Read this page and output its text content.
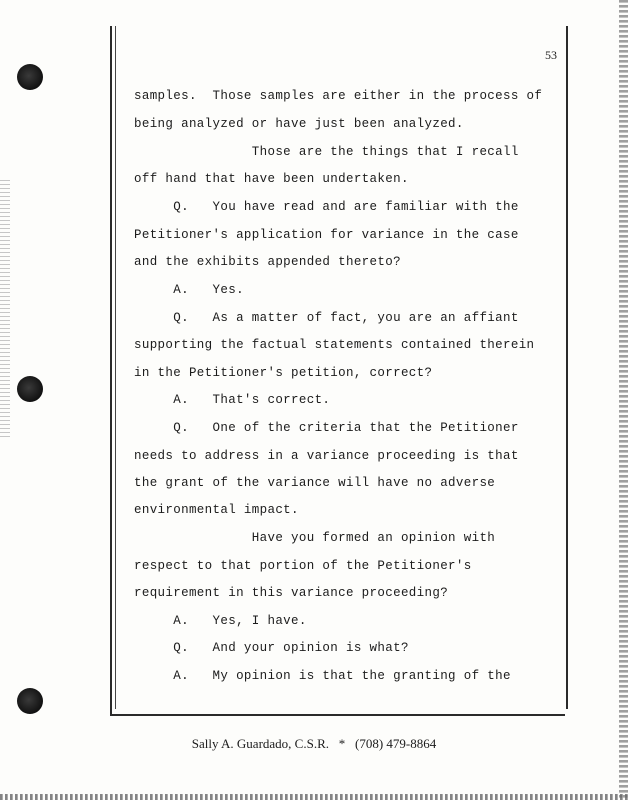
53
samples.  Those samples are either in the process of
being analyzed or have just been analyzed.
Those are the things that I recall
off hand that have been undertaken.
Q.   You have read and are familiar with the
Petitioner's application for variance in the case
and the exhibits appended thereto?
A.   Yes.
Q.   As a matter of fact, you are an affiant
supporting the factual statements contained therein
in the Petitioner's petition, correct?
A.   That's correct.
Q.   One of the criteria that the Petitioner
needs to address in a variance proceeding is that
the grant of the variance will have no adverse
environmental impact.
Have you formed an opinion with
respect to that portion of the Petitioner's
requirement in this variance proceeding?
A.   Yes, I have.
Q.   And your opinion is what?
A.   My opinion is that the granting of the
Sally A. Guardado, C.S.R.   *   (708) 479-8864
